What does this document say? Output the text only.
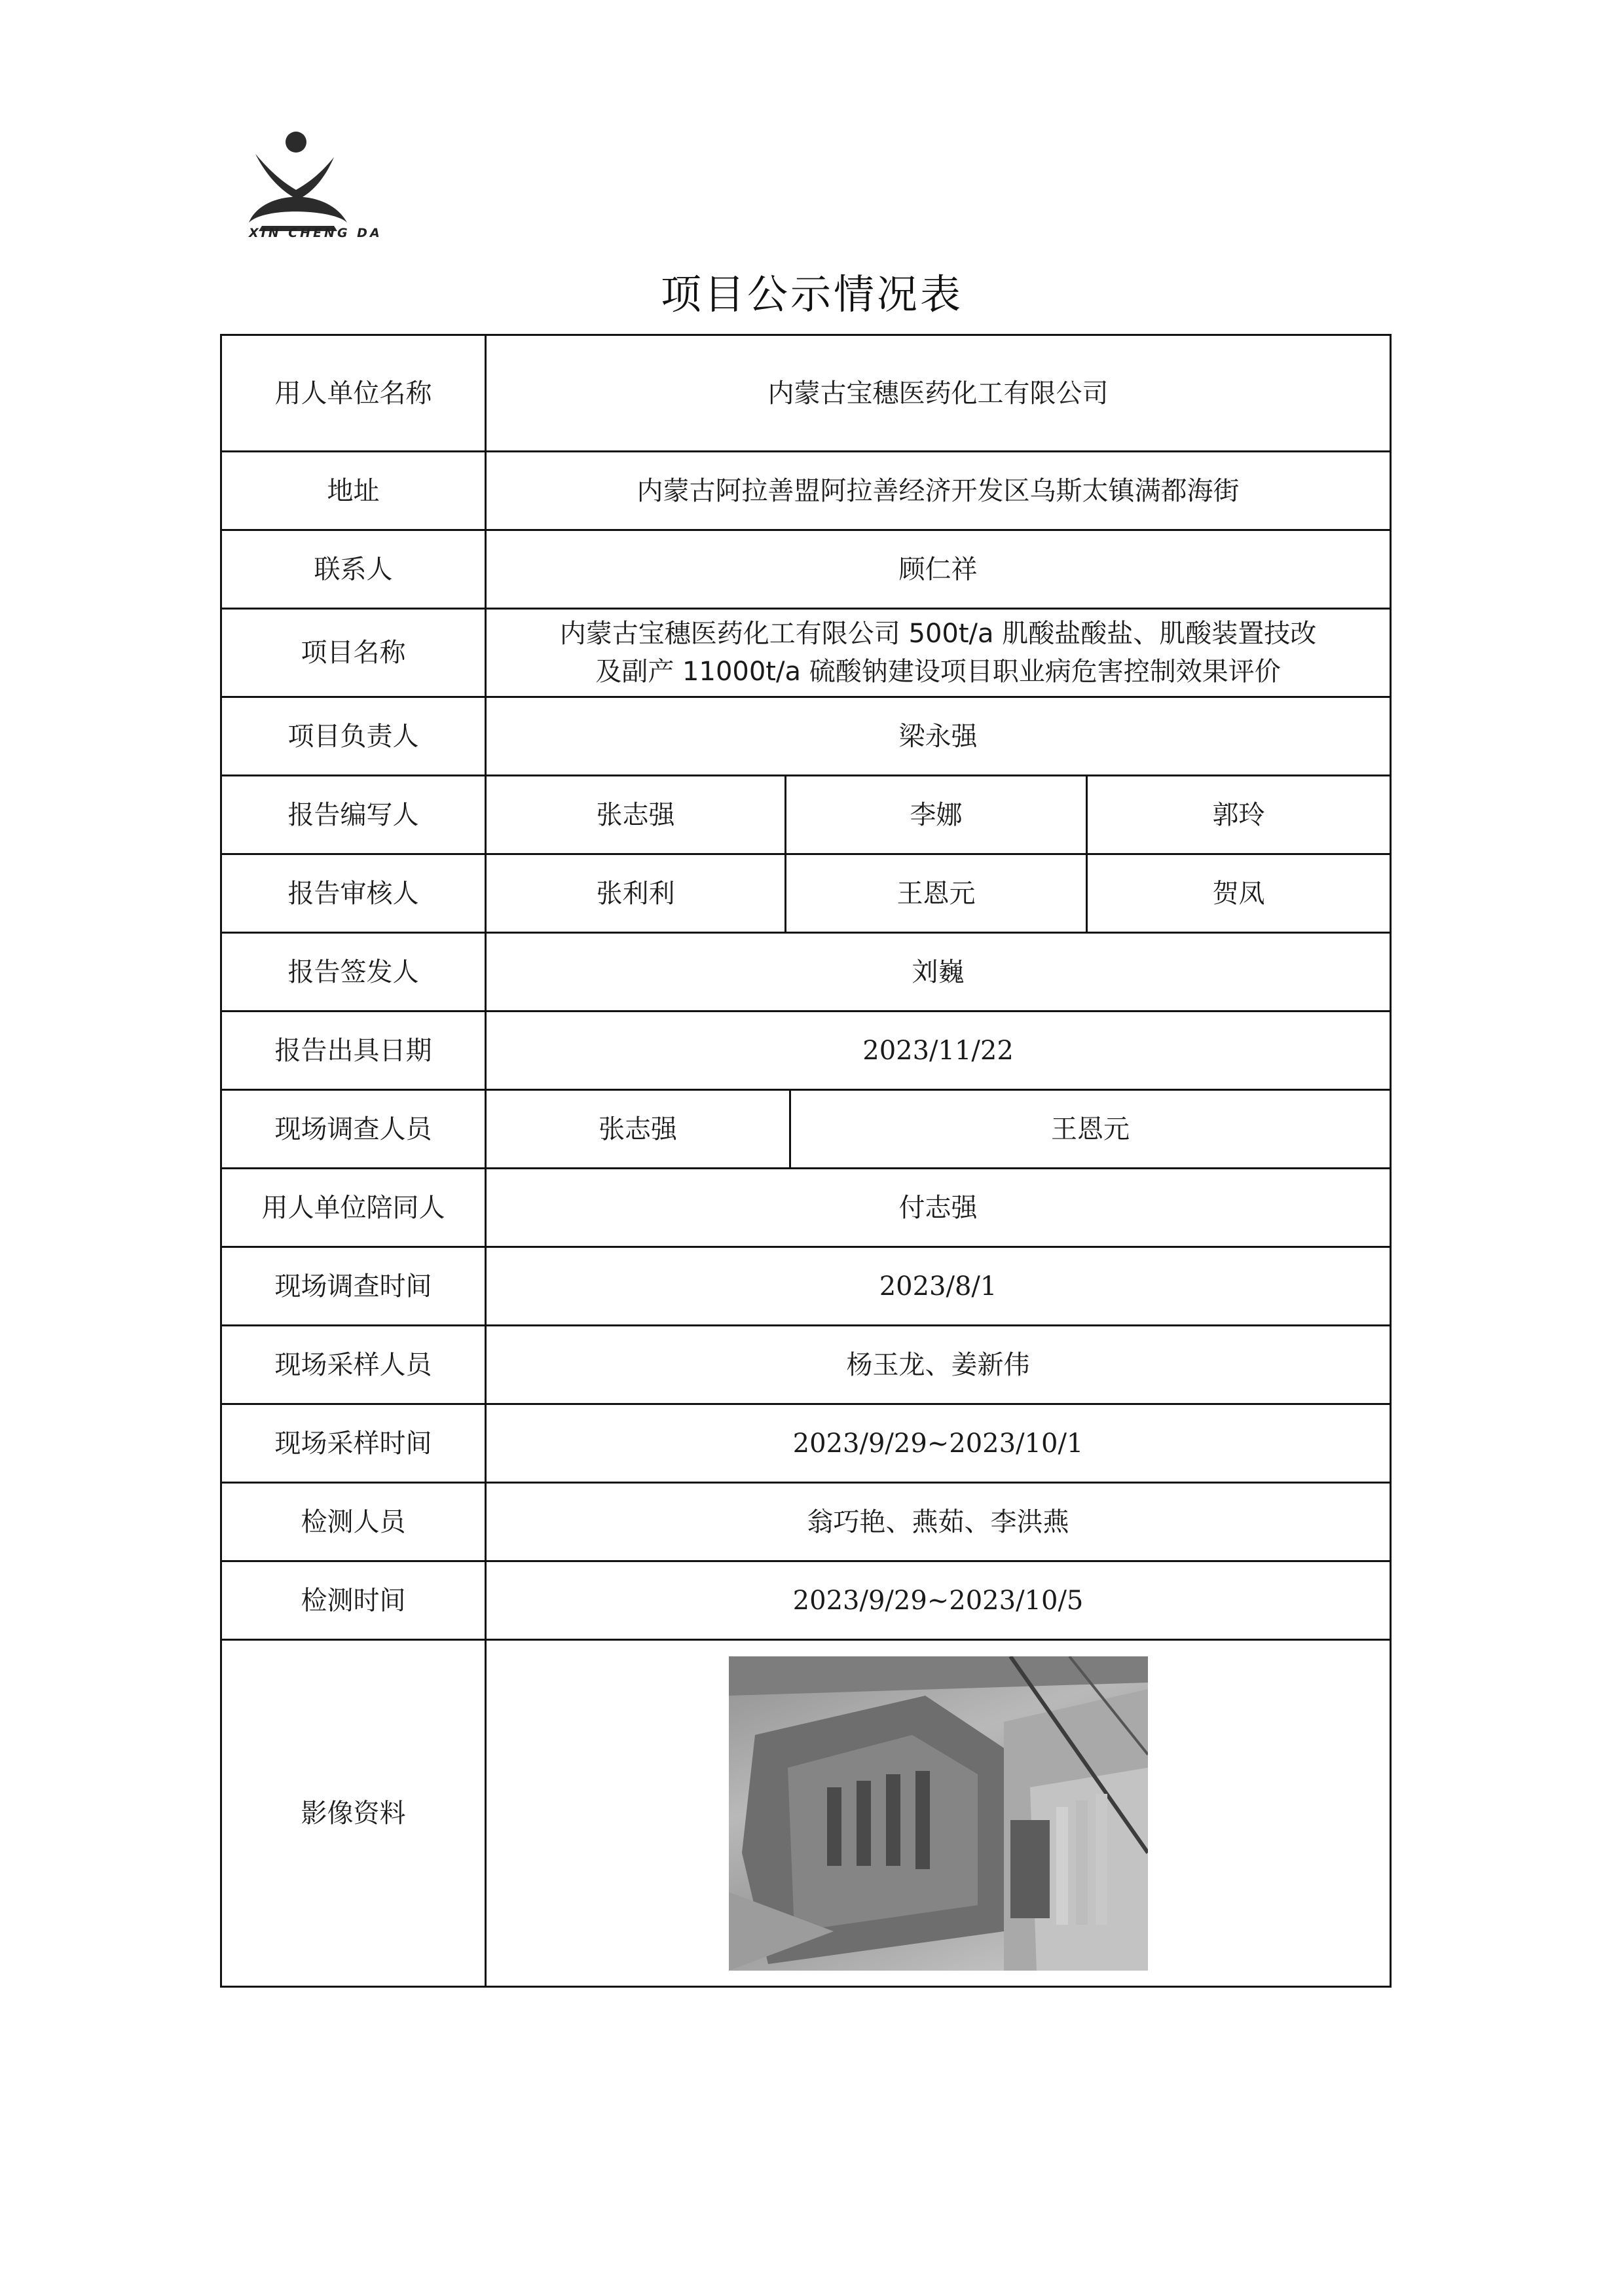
XIN CHENG DA
项目公示情况表
用人单位名称	内蒙古宝穗医药化工有限公司			
地址	内蒙古阿拉善盟阿拉善经济开发区乌斯太镇满都海街			
联系人	顾仁祥			
项目名称	内蒙古宝穗医药化工有限公司 500t/a 肌酸盐酸盐、肌酸装置技改
及副产 11000t/a 硫酸钠建设项目职业病危害控制效果评价			

项目负责人	梁永强			
报告编写人	张志强	李娜		郭玲
报告审核人	张利利	王恩元		贺凤
报告签发人	刘巍			
报告出具日期	2023/11/22			
现场调查人员	张志强		王恩元	
用人单位陪同人	付志强			
现场调查时间	2023/8/1			
现场采样人员	杨玉龙、姜新伟			
现场采样时间	2023/9/29~2023/10/1			
检测人员	翁巧艳、燕茹、李洪燕			
检测时间	2023/9/29~2023/10/5			
影像资料	
